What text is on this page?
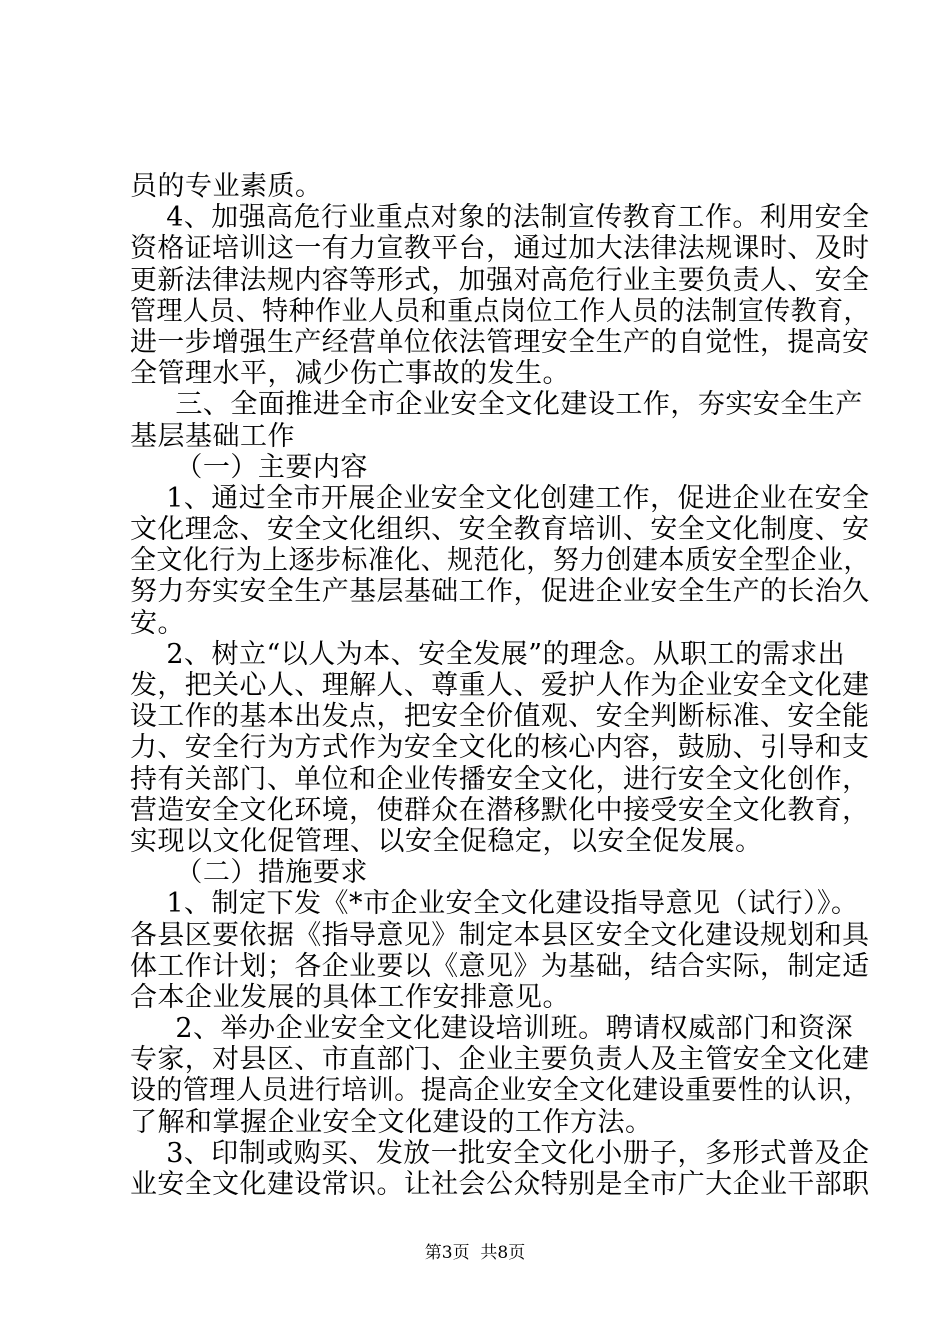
员的专业素质。
4、加强高危行业重点对象的法制宣传教育工作。利用安全
资格证培训这一有力宣教平台，通过加大法律法规课时、及时
更新法律法规内容等形式，加强对高危行业主要负责人、安全
管理人员、特种作业人员和重点岗位工作人员的法制宣传教育，
进一步增强生产经营单位依法管理安全生产的自觉性，提高安
全管理水平，减少伤亡事故的发生。
三、全面推进全市企业安全文化建设工作，夯实安全生产
基层基础工作
（一）主要内容
1、通过全市开展企业安全文化创建工作，促进企业在安全
文化理念、安全文化组织、安全教育培训、安全文化制度、安
全文化行为上逐步标准化、规范化，努力创建本质安全型企业，
努力夯实安全生产基层基础工作，促进企业安全生产的长治久
安。
2、树立“以人为本、安全发展”的理念。从职工的需求出
发，把关心人、理解人、尊重人、爱护人作为企业安全文化建
设工作的基本出发点，把安全价值观、安全判断标准、安全能
力、安全行为方式作为安全文化的核心内容，鼓励、引导和支
持有关部门、单位和企业传播安全文化，进行安全文化创作，
营造安全文化环境，使群众在潜移默化中接受安全文化教育，
实现以文化促管理、以安全促稳定，以安全促发展。
（二）措施要求
1、制定下发《*市企业安全文化建设指导意见（试行）》。
各县区要依据《指导意见》制定本县区安全文化建设规划和具
体工作计划；各企业要以《意见》为基础，结合实际，制定适
合本企业发展的具体工作安排意见。
2、举办企业安全文化建设培训班。聘请权威部门和资深
专家，对县区、市直部门、企业主要负责人及主管安全文化建
设的管理人员进行培训。提高企业安全文化建设重要性的认识，
了解和掌握企业安全文化建设的工作方法。
3、印制或购买、发放一批安全文化小册子，多形式普及企
业安全文化建设常识。让社会公众特别是全市广大企业干部职
第3页  共8页
